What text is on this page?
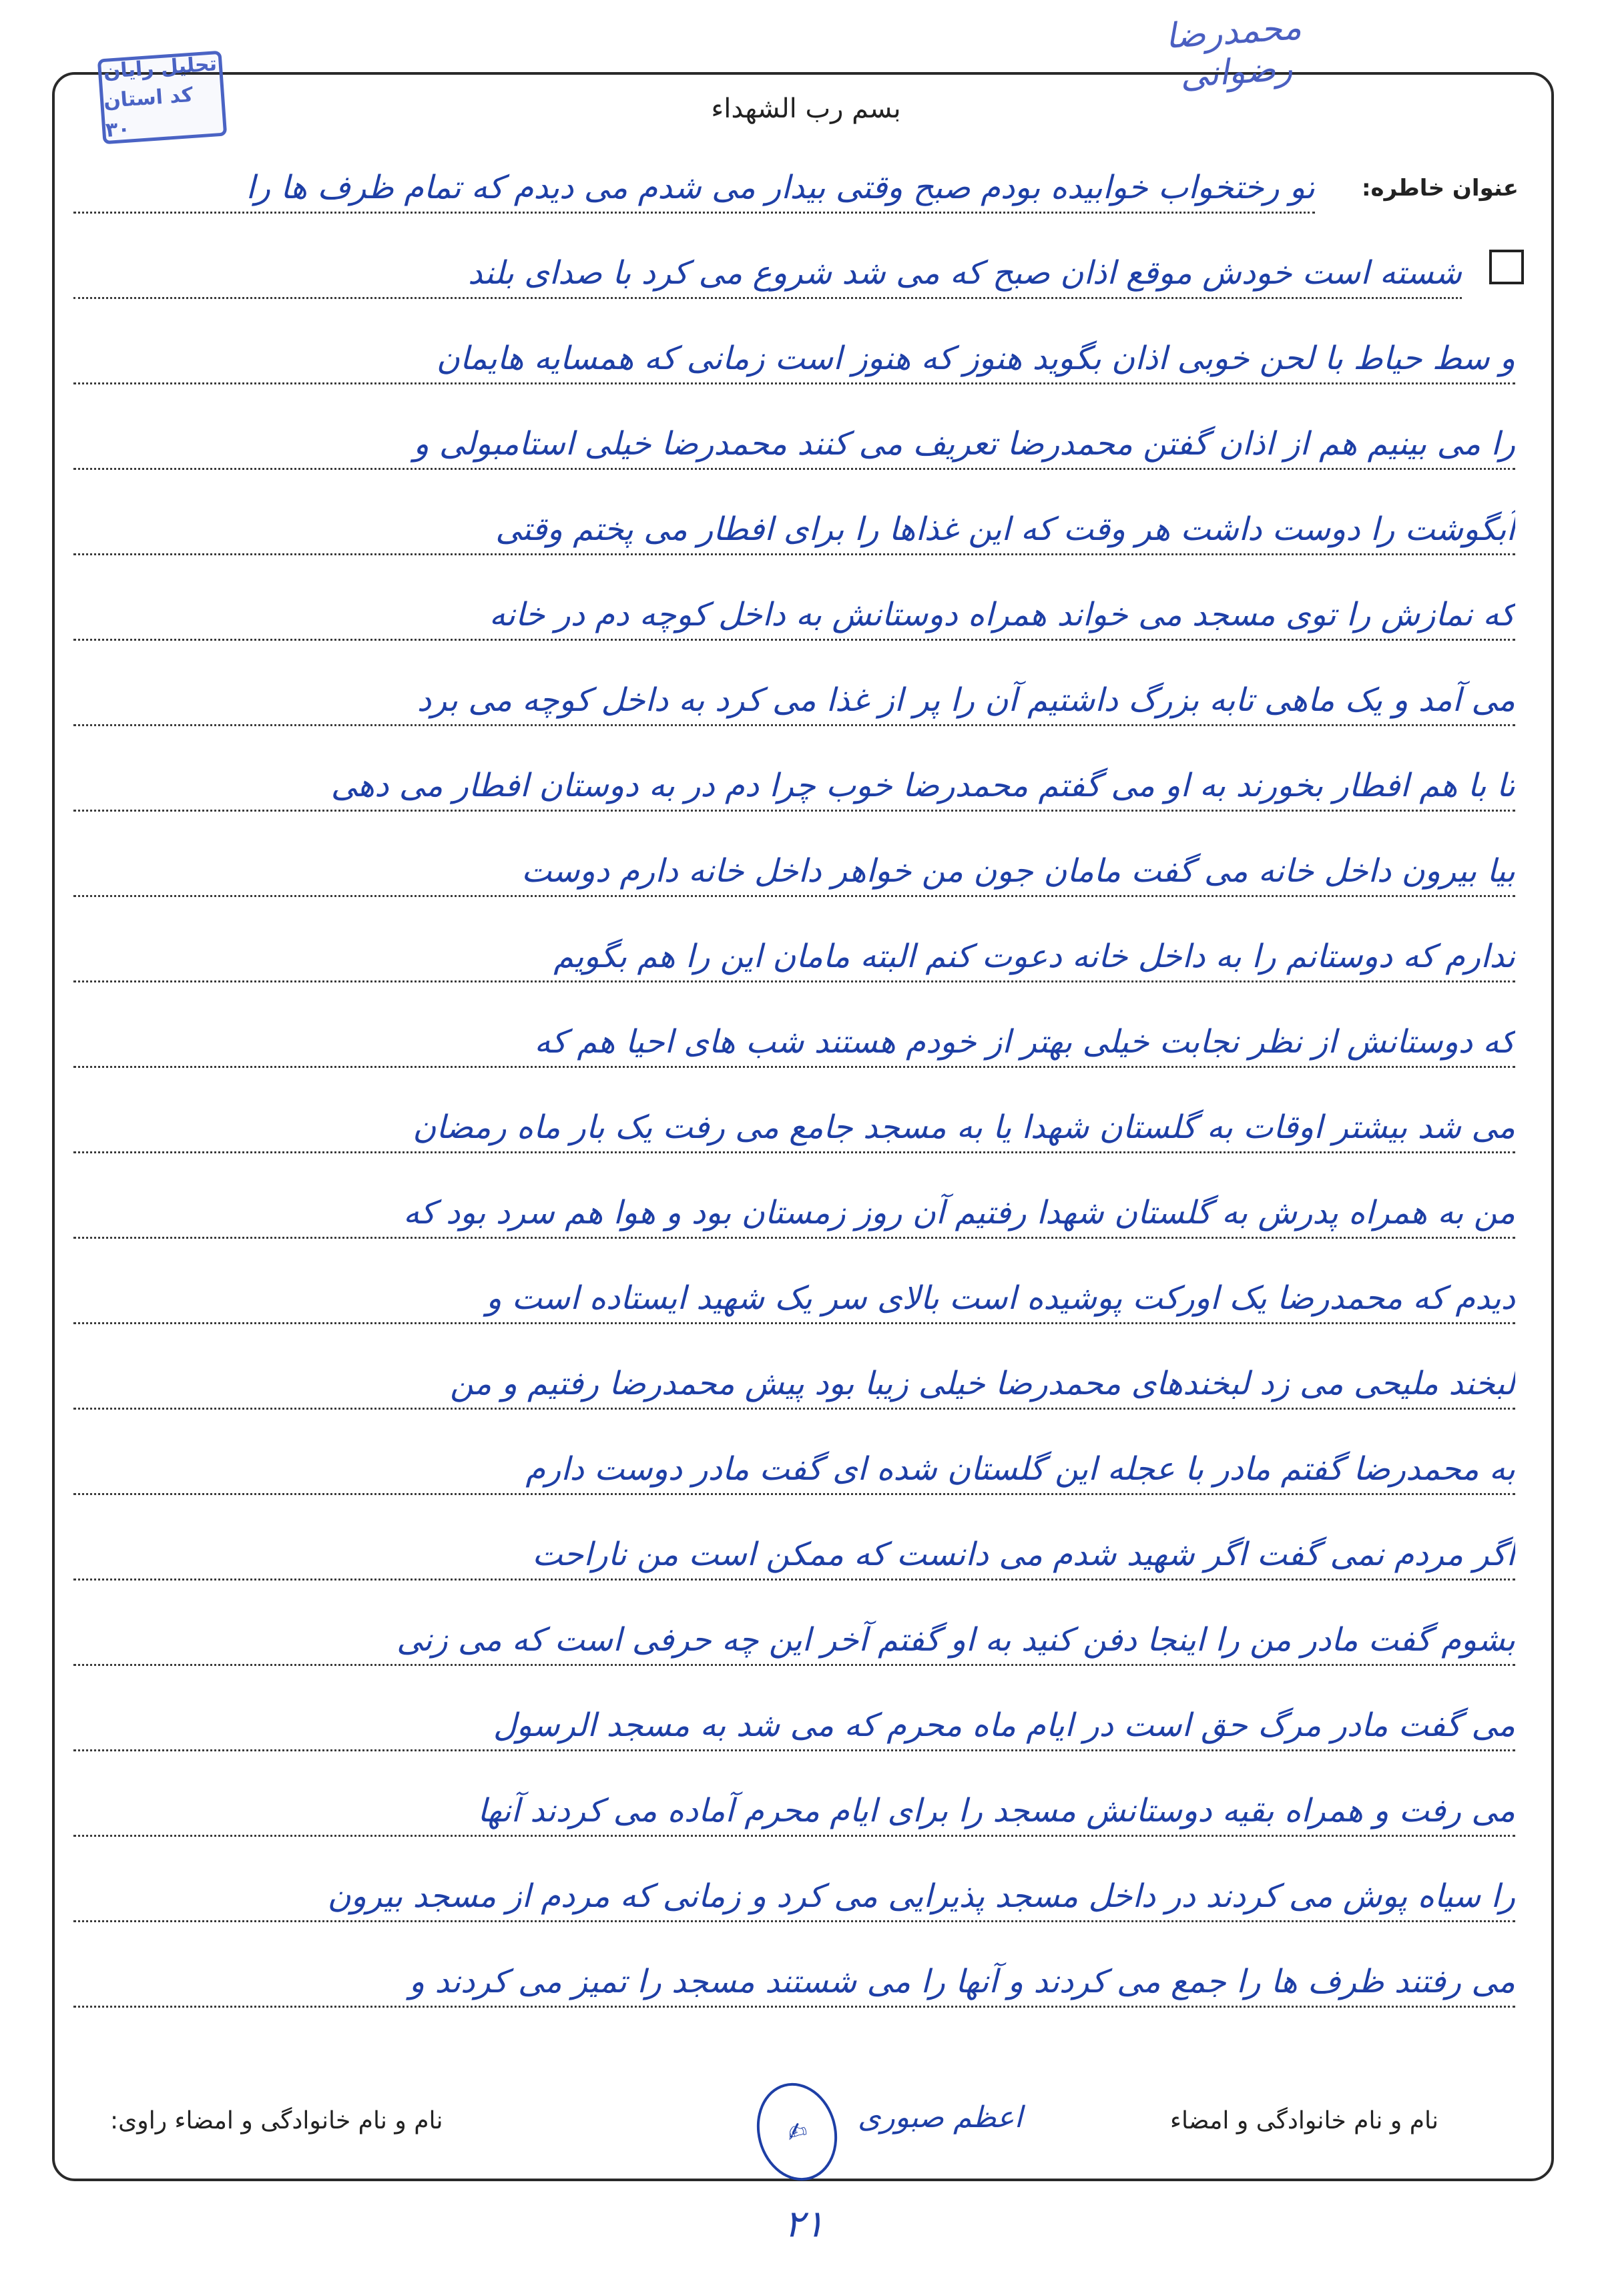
محمدرضا رضوانی
تحلیل رایان
کد استان ۳۰
بسم رب الشهداء
عنوان خاطره:
تو رختخواب خوابیده بودم صبح وقتی بیدار می شدم می دیدم که تمام ظرف ها را
شسته است خودش موقع اذان صبح که می شد شروع می کرد با صدای بلند
و سط حیاط با لحن خوبی اذان بگوید هنوز که هنوز است زمانی که همسایه هایمان
را می بینیم هم از اذان گفتن محمدرضا تعریف می کنند محمدرضا خیلی استامبولی و
آبگوشت را دوست داشت هر وقت که این غذاها را برای افطار می پختم وقتی
که نمازش را توی مسجد می خواند همراه دوستانش به داخل کوچه دم در خانه
می آمد و یک ماهی تابه بزرگ داشتیم آن را پر از غذا می کرد به داخل کوچه می برد
تا با هم افطار بخورند به او می گفتم محمدرضا خوب چرا دم در به دوستان افطار می دهی
بیا بیرون داخل خانه می گفت مامان جون من خواهر داخل خانه دارم دوست
ندارم که دوستانم را به داخل خانه دعوت کنم البته مامان این را هم بگویم
که دوستانش از نظر نجابت خیلی بهتر از خودم هستند شب های احیا هم که
می شد بیشتر اوقات به گلستان شهدا یا به مسجد جامع می رفت یک بار ماه رمضان
من به همراه پدرش به گلستان شهدا رفتیم آن روز زمستان بود و هوا هم سرد بود که
دیدم که محمدرضا یک اورکت پوشیده است بالای سر یک شهید ایستاده است و
لبخند ملیحی می زد لبخندهای محمدرضا خیلی زیبا بود پیش محمدرضا رفتیم و من
به محمدرضا گفتم مادر با عجله این گلستان شده ای گفت مادر دوست دارم
اگر مردم نمی گفت اگر شهید شدم می دانست که ممکن است من ناراحت
بشوم گفت مادر من را اینجا دفن کنید به او گفتم آخر این چه حرفی است که می زنی
می گفت مادر مرگ حق است در ایام ماه محرم که می شد به مسجد الرسول
می رفت و همراه بقیه دوستانش مسجد را برای ایام محرم آماده می کردند آنها
را سیاه پوش می کردند در داخل مسجد پذیرایی می کرد و زمانی که مردم از مسجد بیرون
می رفتند ظرف ها را جمع می کردند و آنها را می شستند مسجد را تمیز می کردند و
نام و نام خانوادگی و امضاء
اعظم صبوری
نام و نام خانوادگی و امضاء راوی:	✍
۲۱
